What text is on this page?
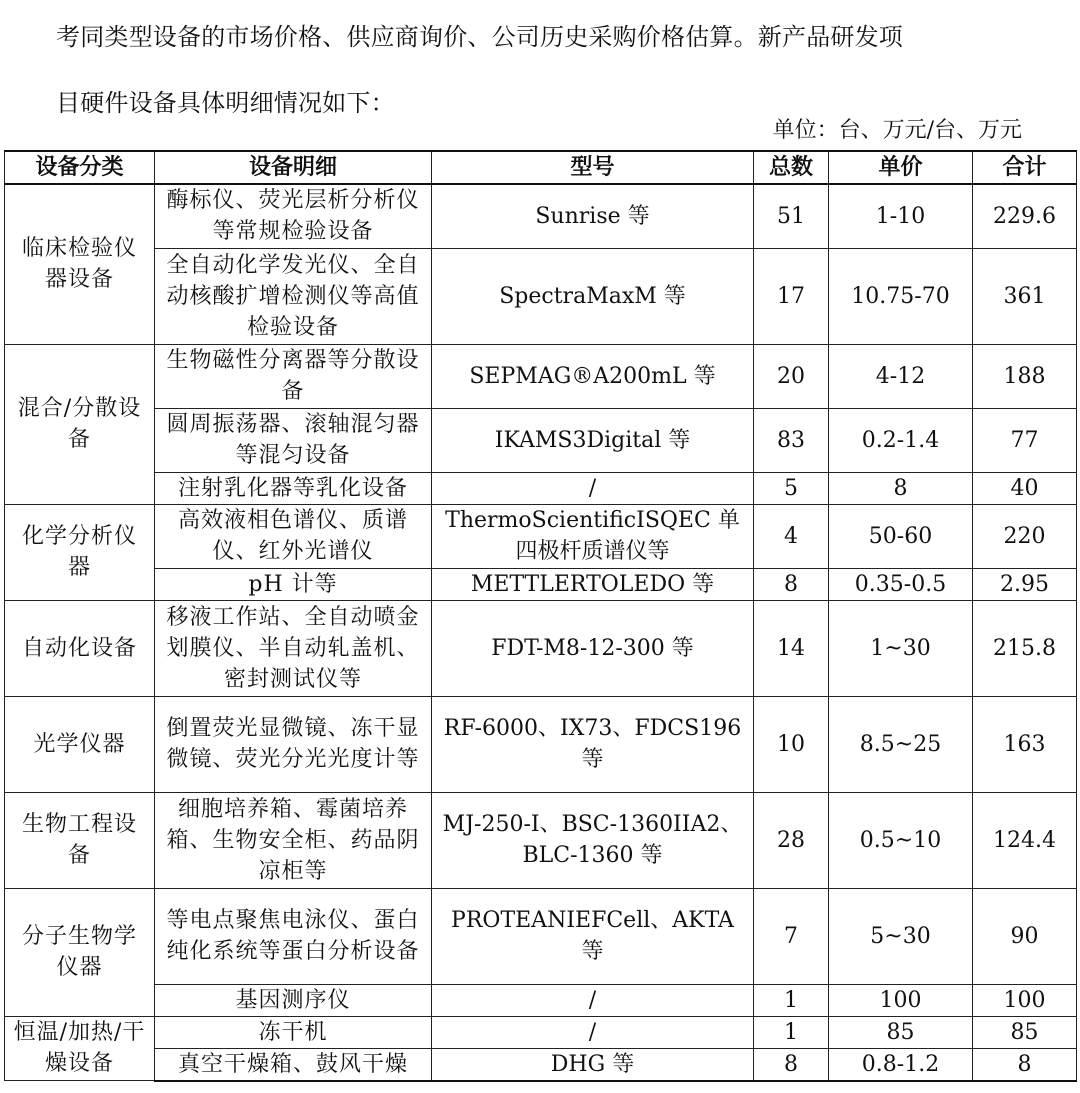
考同类型设备的市场价格、供应商询价、公司历史采购价格估算。新产品研发项
目硬件设备具体明细情况如下：
单位：台、万元/台、万元
设备分类	设备明细	型号	总数	单价	合计
临床检验仪器设备	酶标仪、荧光层析分析仪等常规检验设备	Sunrise 等	51	1-10	229.6
	全自动化学发光仪、全自动核酸扩增检测仪等高值检验设备	SpectraMaxM 等	17	10.75-70	361
混合/分散设备	生物磁性分离器等分散设备	SEPMAG®A200mL 等	20	4-12	188
	圆周振荡器、滚轴混匀器等混匀设备	IKAMS3Digital 等	83	0.2-1.4	77
	注射乳化器等乳化设备	/	5	8	40
化学分析仪器	高效液相色谱仪、质谱仪、红外光谱仪	ThermoScientificISQEC 单四极杆质谱仪等	4	50-60	220
	pH 计等	METTLERTOLEDO 等	8	0.35-0.5	2.95
自动化设备	移液工作站、全自动喷金划膜仪、半自动轧盖机、密封测试仪等	FDT-M8-12-300 等	14	1~30	215.8
光学仪器	倒置荧光显微镜、冻干显微镜、荧光分光光度计等	RF-6000、IX73、FDCS196 等	10	8.5~25	163
生物工程设备	细胞培养箱、霉菌培养箱、生物安全柜、药品阴凉柜等	MJ-250-I、BSC-1360IIA2、BLC-1360 等	28	0.5~10	124.4
分子生物学仪器	等电点聚焦电泳仪、蛋白纯化系统等蛋白分析设备	PROTEANIEFCell、AKTA 等	7	5~30	90
	基因测序仪	/	1	100	100
恒温/加热/干燥设备	冻干机	/	1	85	85
	真空干燥箱、鼓风干燥	DHG 等	8	0.8-1.2	8
